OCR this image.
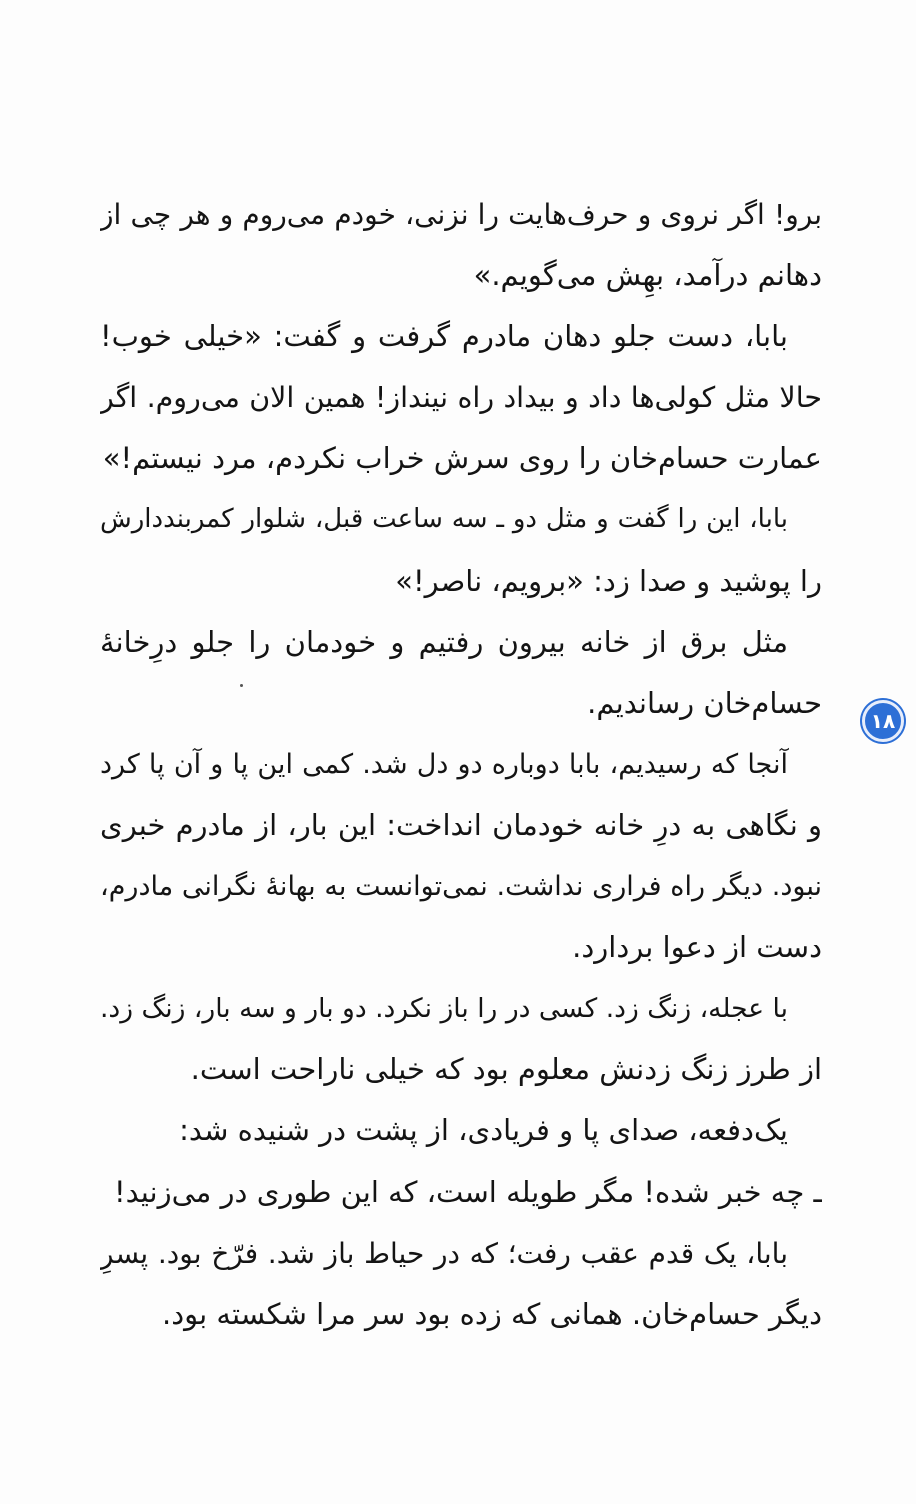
برو! اگر نروی و حرف‌هایت را نزنی، خودم می‌روم و هر چی از
دهانم درآمد، بهِش می‌گویم.»
بابا، دست جلو دهان مادرم گرفت و گفت: «خیلی خوب!
حالا مثل کولی‌ها داد و بیداد راه نینداز! همین الان می‌روم. اگر
عمارت حسام‌خان را روی سرش خراب نکردم، مرد نیستم!»
بابا، این را گفت و مثل دو ـ سه ساعت قبل، شلوار کمربنددارش
را پوشید و صدا زد: «برویم، ناصر!»
مثل برق از خانه بیرون رفتیم و خودمان را جلو درِخانهٔ
حسام‌خان رساندیم.
آنجا که رسیدیم، بابا دوباره دو دل شد. کمی این پا و آن پا کرد
و نگاهی به درِ خانه خودمان انداخت: این بار، از مادرم خبری
نبود. دیگر راه فراری نداشت. نمی‌توانست به بهانهٔ نگرانی مادرم،
دست از دعوا بردارد.
با عجله، زنگ زد. کسی در را باز نکرد. دو بار و سه بار، زنگ زد.
از طرز زنگ زدنش معلوم بود که خیلی ناراحت است.
یک‌دفعه، صدای پا و فریادی، از پشت در شنیده شد:
ـ چه خبر شده! مگر طویله است، که این طوری در می‌زنید!
بابا، یک قدم عقب رفت؛ که در حیاط باز شد. فرّخ بود. پسرِ
دیگر حسام‌خان. همانی که زده بود سر مرا شکسته بود.
۱۸
